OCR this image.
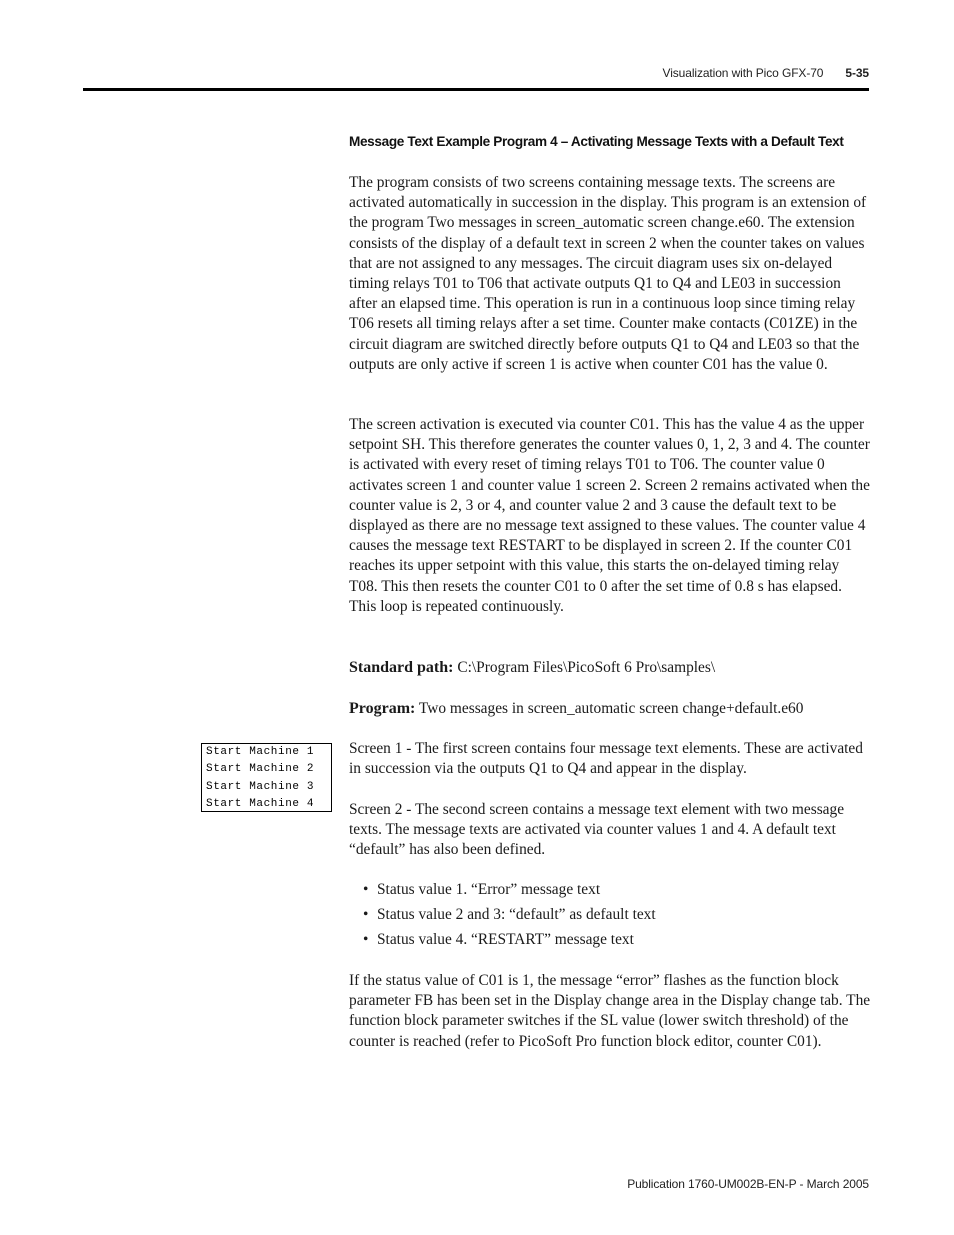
Visualization with Pico GFX-70 5-35
Message Text Example Program 4 – Activating Message Texts with a Default Text
The program consists of two screens containing message texts. The screens are activated automatically in succession in the display. This program is an extension of the program Two messages in screen_automatic screen change.e60. The extension consists of the display of a default text in screen 2 when the counter takes on values that are not assigned to any messages. The circuit diagram uses six on-delayed timing relays T01 to T06 that activate outputs Q1 to Q4 and LE03 in succession after an elapsed time. This operation is run in a continuous loop since timing relay T06 resets all timing relays after a set time. Counter make contacts (C01ZE) in the circuit diagram are switched directly before outputs Q1 to Q4 and LE03 so that the outputs are only active if screen 1 is active when counter C01 has the value 0.
The screen activation is executed via counter C01. This has the value 4 as the upper setpoint SH. This therefore generates the counter values 0, 1, 2, 3 and 4. The counter is activated with every reset of timing relays T01 to T06. The counter value 0 activates screen 1 and counter value 1 screen 2. Screen 2 remains activated when the counter value is 2, 3 or 4, and counter value 2 and 3 cause the default text to be displayed as there are no message text assigned to these values. The counter value 4 causes the message text RESTART to be displayed in screen 2. If the counter C01 reaches its upper setpoint with this value, this starts the on-delayed timing relay T08. This then resets the counter C01 to 0 after the set time of 0.8 s has elapsed. This loop is repeated continuously.
Standard path: C:\Program Files\PicoSoft 6 Pro\samples\
Program: Two messages in screen_automatic screen change+default.e60
Start Machine 1
Start Machine 2
Start Machine 3
Start Machine 4
Screen 1 - The first screen contains four message text elements. These are activated in succession via the outputs Q1 to Q4 and appear in the display.
Screen 2 - The second screen contains a message text element with two message texts. The message texts are activated via counter values 1 and 4. A default text “default” has also been defined.
• Status value 1. “Error” message text
• Status value 2 and 3: “default” as default text
• Status value 4. “RESTART” message text
If the status value of C01 is 1, the message “error” flashes as the function block parameter FB has been set in the Display change area in the Display change tab. The function block parameter switches if the SL value (lower switch threshold) of the counter is reached (refer to PicoSoft Pro function block editor, counter C01).
Publication 1760-UM002B-EN-P - March 2005
